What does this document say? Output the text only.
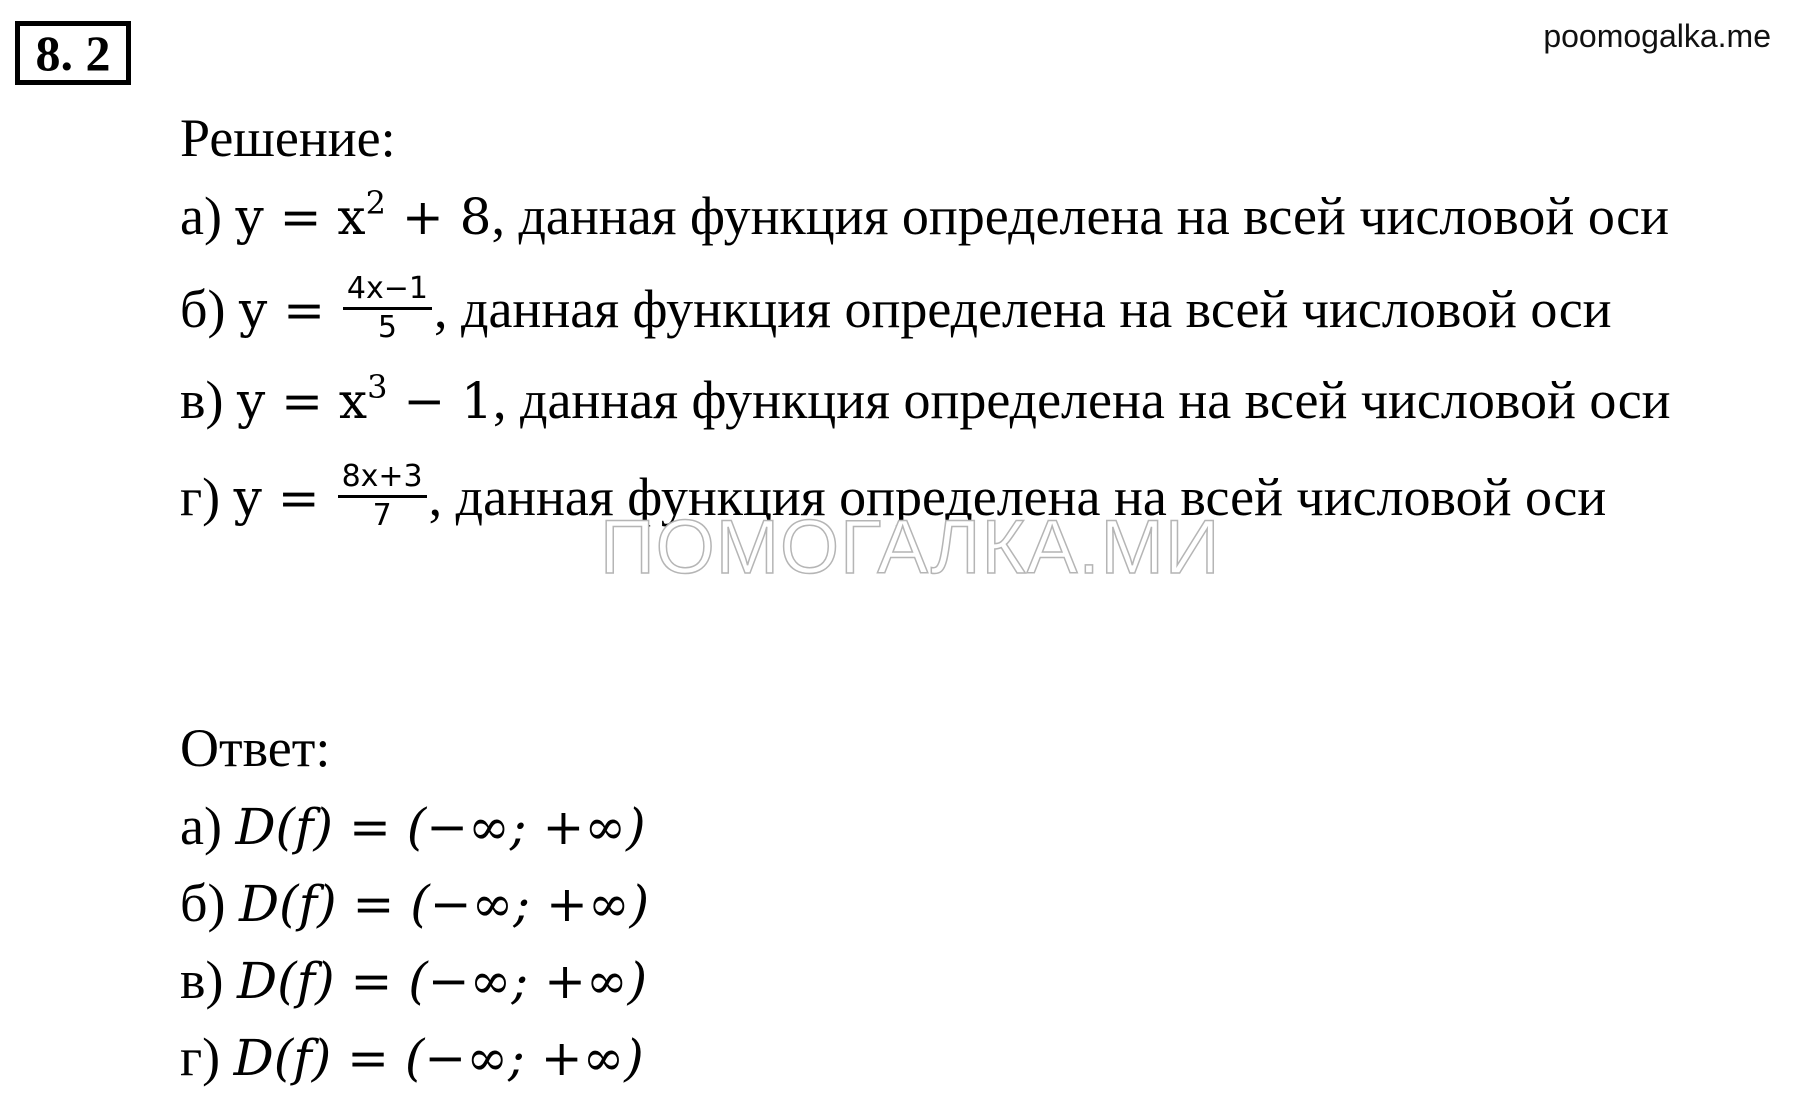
8. 2	poomogalka.me
Решение:
а) $y = x^2 + 8$, данная функция определена на всей числовой оси
б) $y = \frac{4x-1}{5}$ , данная функция определена на всей числовой оси
в) $y = x^3 - 1$, данная функция определена на всей числовой оси
г) $y = \frac{8x+3}{7}$ , данная функция определена на всей числовой оси
ПОМОГАЛКА.МИ
Ответ:
а) D(f) = (−∞; +∞)
б) D(f) = (−∞; +∞)
в) D(f) = (−∞; +∞)
г) D(f) = (−∞; +∞)
